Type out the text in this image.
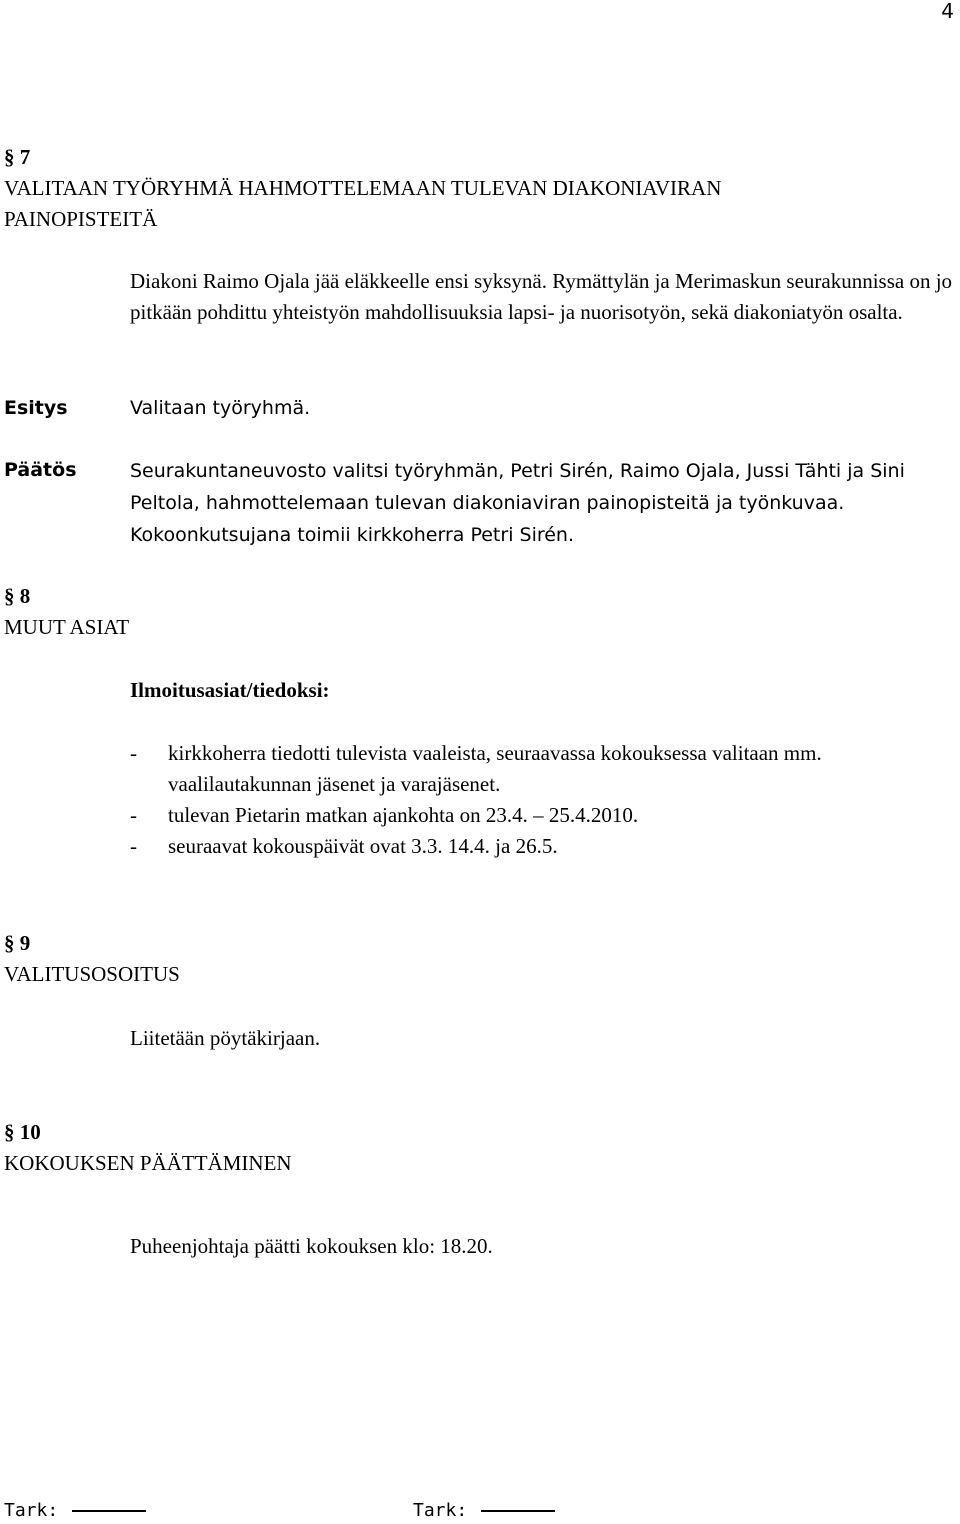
4
§ 7
VALITAAN TYÖRYHMÄ HAHMOTTELEMAAN TULEVAN DIAKONIAVIRAN
PAINOPISTEITÄ
Diakoni Raimo Ojala jää eläkkeelle ensi syksynä. Rymättylän ja Merimaskun seurakunnissa on jo pitkään pohdittu yhteistyön mahdollisuuksia lapsi- ja nuorisotyön, sekä diakoniatyön osalta.
Esitys	Valitaan työryhmä.
Päätös	Seurakuntaneuvosto valitsi työryhmän, Petri Sirén, Raimo Ojala, Jussi Tähti ja Sini Peltola, hahmottelemaan tulevan diakoniaviran painopisteitä ja työnkuvaa. Kokoonkutsujana toimii kirkkoherra Petri Sirén.
§ 8
MUUT ASIAT
Ilmoitusasiat/tiedoksi:
- kirkkoherra tiedotti tulevista vaaleista, seuraavassa kokouksessa valitaan mm. vaalilautakunnan jäsenet ja varajäsenet.
- tulevan Pietarin matkan ajankohta on 23.4. – 25.4.2010.
- seuraavat kokouspäivät ovat 3.3. 14.4. ja 26.5.
§ 9
VALITUSOSOITUS
Liitetään pöytäkirjaan.
§ 10
KOKOUKSEN PÄÄTTÄMINEN
Puheenjohtaja päätti kokouksen klo: 18.20.
Tark:	Tark:
